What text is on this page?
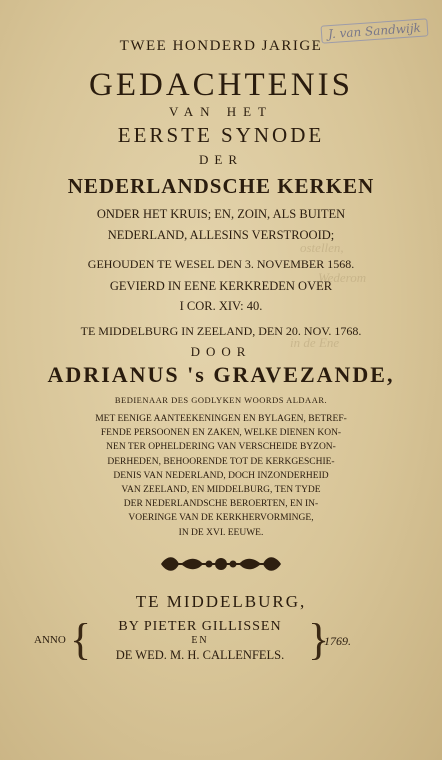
ostellen,
Wederom
in de Ene
J. van Sandwijk
TWEE HONDERD JARIGE
GEDACHTENIS
VAN HET
EERSTE SYNODE
DER
NEDERLANDSCHE KERKEN
ONDER HET KRUIS; EN, ZOIN, ALS BUITEN
NEDERLAND, ALLESINS VERSTROOID;
GEHOUDEN TE WESEL DEN 3. NOVEMBER 1568.
GEVIERD IN EENE KERKREDEN OVER
I COR. XIV: 40.
TE MIDDELBURG IN ZEELAND, DEN 20. NOV. 1768.
DOOR
ADRIANUS 's GRAVEZANDE,
BEDIENAAR DES GODLYKEN WOORDS ALDAAR.
MET EENIGE AANTEEKENINGEN EN BYLAGEN, BETREF-
FENDE PERSOONEN EN ZAKEN, WELKE DIENEN KON-
NEN TER OPHELDERING VAN VERSCHEIDE BYZON-
DERHEDEN, BEHOORENDE TOT DE KERKGESCHIE-
DENIS VAN NEDERLAND, DOCH INZONDERHEID
VAN ZEELAND, EN MIDDELBURG, TEN TYDE
DER NEDERLANDSCHE BEROERTEN, EN IN-
VOERINGE VAN DE KERKHERVORMINGE,
IN DE XVI. EEUWE.
TE MIDDELBURG,
ANNO {	BY PIETER GILLISSEN
EN
DE WED. M. H. CALLENFELS. }
1769.
